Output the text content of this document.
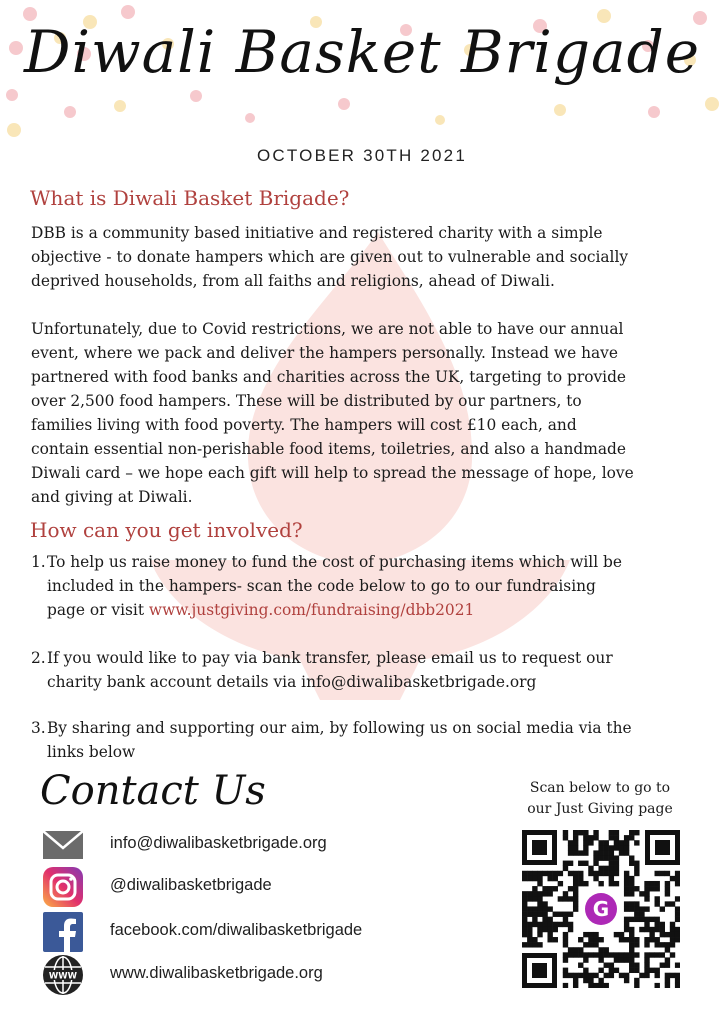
Diwali Basket Brigade
OCTOBER 30TH 2021
What is Diwali Basket Brigade?
DBB is a community based initiative and registered charity with a simple
objective - to donate hampers which are given out to vulnerable and socially
deprived households, from all faiths and religions, ahead of Diwali.
Unfortunately, due to Covid restrictions, we are not able to have our annual
event, where we pack and deliver the hampers personally. Instead we have
partnered with food banks and charities across the UK, targeting to provide
over 2,500 food hampers. These will be distributed by our partners, to
families living with food poverty. The hampers will cost £10 each, and
contain essential non-perishable food items, toiletries, and also a handmade
Diwali card – we hope each gift will help to spread the message of hope, love
and giving at Diwali.
How can you get involved?
1. To help us raise money to fund the cost of purchasing items which will be
included in the hampers- scan the code below to go to our fundraising
page or visit www.justgiving.com/fundraising/dbb2021
2. If you would like to pay via bank transfer, please email us to request our
charity bank account details via info@diwalibasketbrigade.org
3. By sharing and supporting our aim, by following us on social media via the
links below
Contact Us
info@diwalibasketbrigade.org
@diwalibasketbrigade
facebook.com/diwalibasketbrigade
WWW www.diwalibasketbrigade.org
Scan below to go to
our Just Giving page
G
